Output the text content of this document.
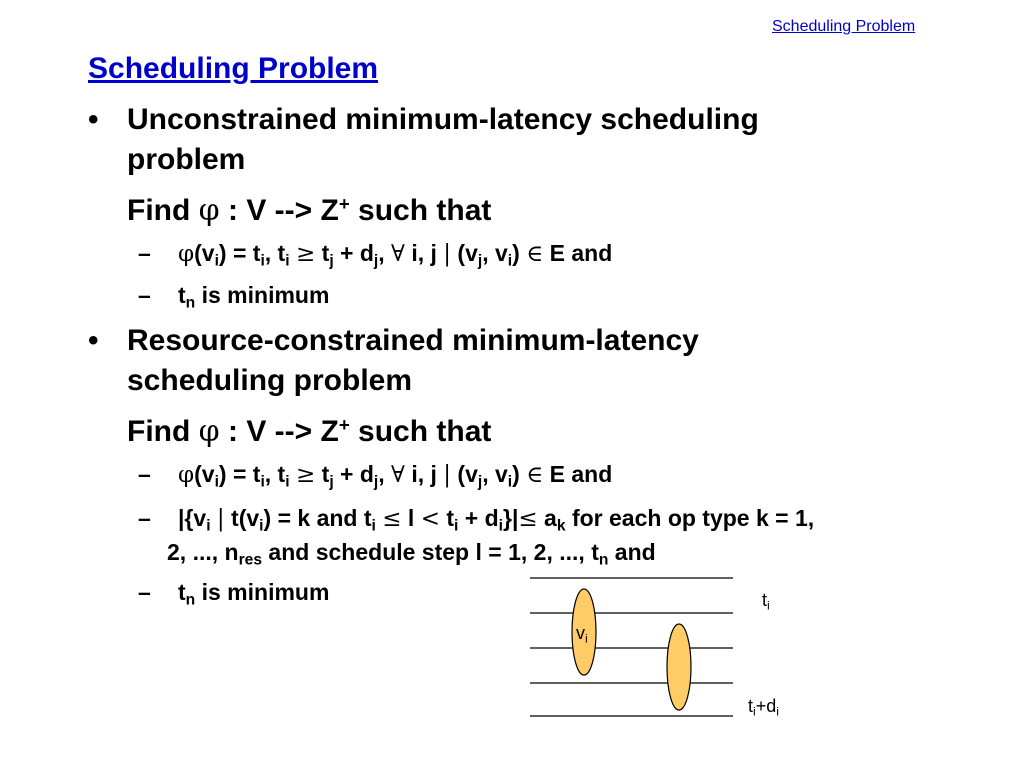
Scheduling Problem
Scheduling Problem
• Unconstrained minimum-latency scheduling
problem
Find φ : V --> Z+ such that
– $\varphi(v_i) = t_i$, $t_i \ge t_j + d_j$, ∀ i, j | ($v_j$, $v_i$) ∈ E and
– $t_n$ is minimum
• Resource-constrained minimum-latency
scheduling problem
Find φ : V --> Z+ such that
– $\varphi(v_i) = t_i$, $t_i \ge t_j + d_j$, ∀ i, j | ($v_j$, $v_i$) ∈ E and
– $|\{v_i$ | $t(v_i) = k$ and $t_i \le l < t_i + d_i\}|\le a_k$ for each op type k = 1,
2, ..., $n_{res}$ and schedule step l = 1, 2, ..., $t_n$ and
– $t_n$ is minimum
$v_i$
$t_i$
$t_i+d_i$
